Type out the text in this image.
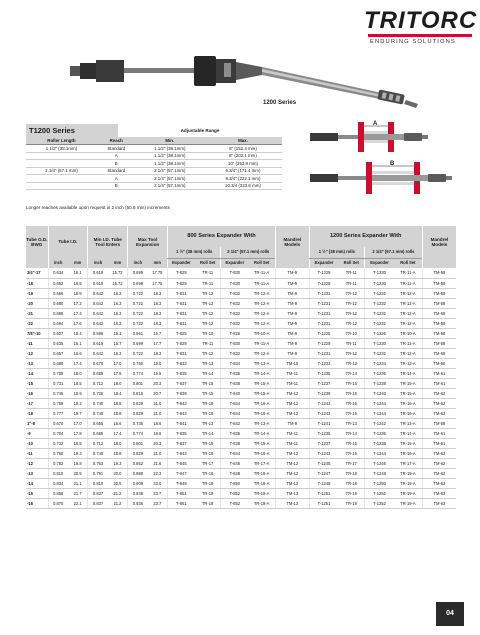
TRITORC
ENDURING SOLUTIONS
1200 Series
T1200 Series	Adjustable Range
Roller Length	Reach	Min.	Max.
1.1/2" (38.1mm)	Standard	1.1/2" (38.1mm)	6" (152.4 mm)
	A	1.1/2" (38.1mm)	8" (203.1 mm)
	B	1.1/2" (38.1mm)	10" (253.8 mm)
2.1/4" (57.1 mm)	Standard	2.1/4" (57.1mm)	6.3/4" (171.4 mm)
	A	2.1/4" (57.1mm)	8.3/4" (222.1 mm)
	B	2.1/4" (57.1mm)	10.3/4 (323.6 mm)
Longer reaches available upon request in 2 inch (50.8 mm) increments
A
B
Tube O.D. BWG	Tube I.D.		Min I.D. Tube Tool Enters		Max Tool Expansion		800 Series Expander With				Mandrel Models	1200 Series Expander With				Mandrel Models
							1 ½" (38 mm) rolls		2 1/4" (57.1 mm) rolls			1 ½" (38 mm) rolls		2 1/4" (57.1 mm) rolls		
	inch	mm	inch	mm	inch	mm	Expander	Roll Set	Expander	Roll Set		Expander	Roll Set	Expander	Roll Set	
3/4"-17	0.634	16.1	0.619	15.72	0.699	17.75	T-829	TR-11	T-830	TR-11-A	TM-9	T-1229	TR-11	T-1230	TR-11-A	TM-59
-18	0.652	16.5	0.619	15.72	0.699	17.75	T-829	TR-11	T-830	TR-11-A	TM-9	T-1229	TR-11	T-1230	TR-11-A	TM-59
-19	0.666	16.9	0.642	16.3	0.722	18.3	T-831	TR-12	T-832	TR-12-A	TM-9	T-1231	TR-12	T-1232	TR-12-A	TM-59
-20	0.680	17.2	0.642	16.3	0.722	18.3	T-831	TR-12	T-832	TR-12-A	TM-9	T-1231	TR-12	T-1232	TR-12-A	TM-59
-21	0.686	17.4	0.642	16.3	0.722	18.3	T-831	TR-12	T-832	TR-12-A	TM-9	T-1231	TR-12	T-1232	TR-12-A	TM-59
-22	0.694	17.6	0.642	16.3	0.722	18.3	T-831	TR-12	T-832	TR-12-A	TM-9	T-1231	TR-12	T-1232	TR-12-A	TM-59
7/8"-10	0.607	15.4	0.596	15.1	0.661	16.7	T-825	TR-10	T-826	TR-10-A	TM-8	T-1225	TR-10	T-1226	TR-10-A	TM-58
-11	0.635	16.1	0.619	15.7	0.699	17.7	T-829	TR-11	T-830	TR-11-A	TM-9	T-1229	TR-11	T-1230	TR-11-A	TM-59
-12	0.657	16.6	0.642	16.3	0.722	18.3	T-831	TR-12	T-832	TR-12-A	TM-9	T-1231	TR-12	T-1232	TR-12-A	TM-59
-13	0.685	17.4	0.670	17.0	0.750	19.0	T-833	TR-13	T-834	TR-13-A	TM-10	T-1233	TR-13	T-1234	TR-13-A	TM-60
-14	0.709	18.0	0.685	17.5	0.774	19.6	T-835	TR-14	T-836	TR-14-A	TM-11	T-1235	TR-14	T-1236	TR-14-A	TM-61
-15	0.731	18.5	0.712	18.0	0.801	20.3	T-837	TR-15	T-838	TR-15-A	TM-11	T-1237	TR-15	T-1238	TR-15-A	TM-61
-16	0.745	18.9	0.726	18.4	0.815	20.7	T-839	TR-15	T-840	TR-15-A	TM-12	T-1239	TR-15	T-1240	TR-15-A	TM-62
-17	0.759	19.2	0.740	18.8	0.829	21.0	T-843	TR-16	T-844	TR-16-A	TM-12	T-1243	TR-16	T-1244	TR-16-A	TM-62
-18	0.777	19.7	0.740	18.8	0.829	21.0	T-843	TR-16	T-844	TR-16-A	TM-12	T-1243	TR-16	T-1244	TR-16-A	TM-62
1"-8	0.670	17.0	0.655	16.6	0.735	18.6	T-841	TR-13	T-842	TR-13-A	TM-9	T-1241	TR-13	T-1242	TR-13-A	TM-59
-9	0.704	17.8	0.685	17.4	0.774	19.6	T-835	TR-14	T-836	TR-14-A	TM-11	T-1235	TR-14	T-1236	TR-14-A	TM-61
-10	0.732	18.5	0.712	18.0	0.801	20.3	T-837	TR-15	T-838	TR-15-A	TM-11	T-1237	TR-15	T-1238	TR-15-A	TM-61
-11	0.760	19.3	0.740	18.8	0.829	21.0	T-843	TR-16	T-844	TR-16-A	TM-12	T-1243	TR-16	T-1244	TR-16-A	TM-62
-12	0.782	19.8	0.763	19.3	0.852	21.6	T-845	TR-17	T-846	TR-17-A	TM-12	T-1245	TR-17	T-1246	TR-17-A	TM-62
-13	0.810	20.5	0.791	20.0	0.880	22.3	T-847	TR-18	T-848	TR-18-A	TM-12	T-1247	TR-18	T-1248	TR-18-A	TM-62
-14	0.834	21.1	0.810	20.5	0.909	23.0	T-849	TR-18	T-850	TR-18-A	TM-13	T-1249	TR-18	T-1250	TR-18-A	TM-63
-15	0.856	21.7	0.837	21.2	0.936	23.7	T-851	TR-19	T-852	TR-19-A	TM-13	T-1251	TR-19	T-1252	TR-19-A	TM-63
-16	0.870	22.1	0.837	21.2	0.936	23.7	T-851	TR-19	T-852	TR-19-A	TM-13	T-1251	TR-19	T-1252	TR-19-A	TM-63
04
